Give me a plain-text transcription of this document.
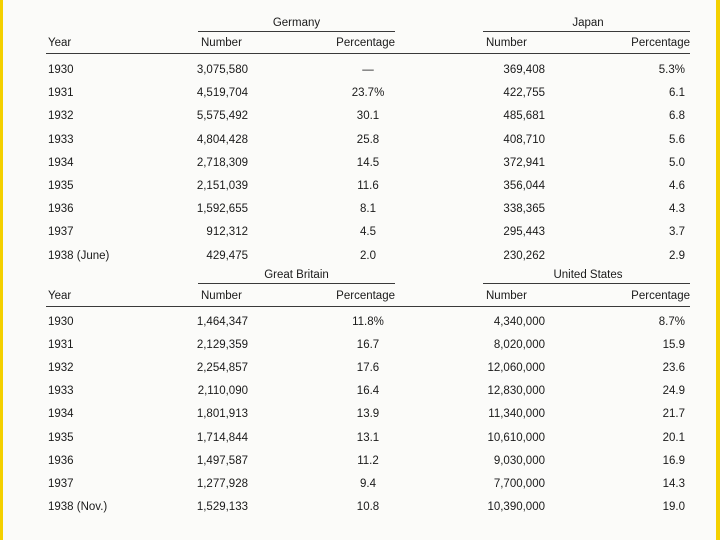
Germany	Japan
Year	Number	Percentage	Number	Percentage
1930	3,075,580	—	369,408	5.3%
1931	4,519,704	23.7%	422,755	6.1
1932	5,575,492	30.1	485,681	6.8
1933	4,804,428	25.8	408,710	5.6
1934	2,718,309	14.5	372,941	5.0
1935	2,151,039	11.6	356,044	4.6
1936	1,592,655	8.1	338,365	4.3
1937	912,312	4.5	295,443	3.7
1938 (June)	429,475	2.0	230,262	2.9
Great Britain	United States
Year	Number	Percentage	Number	Percentage
1930	1,464,347	11.8%	4,340,000	8.7%
1931	2,129,359	16.7	8,020,000	15.9
1932	2,254,857	17.6	12,060,000	23.6
1933	2,110,090	16.4	12,830,000	24.9
1934	1,801,913	13.9	11,340,000	21.7
1935	1,714,844	13.1	10,610,000	20.1
1936	1,497,587	11.2	9,030,000	16.9
1937	1,277,928	9.4	7,700,000	14.3
1938 (Nov.)	1,529,133	10.8	10,390,000	19.0
